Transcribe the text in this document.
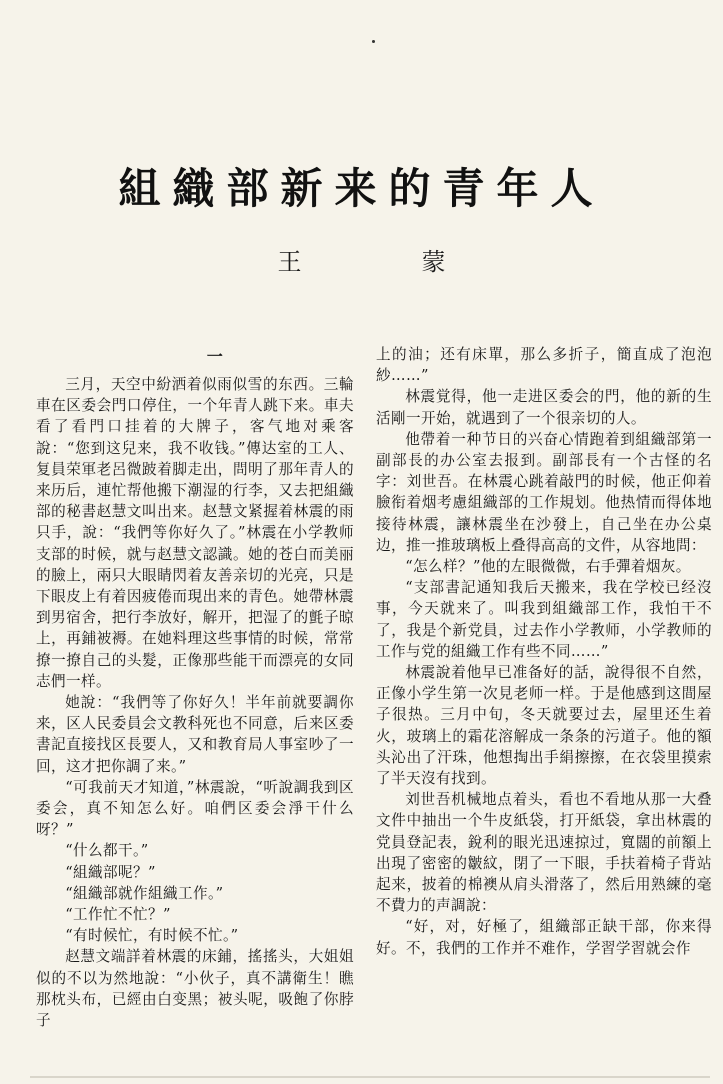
組織部新来的青年人

王　蒙

一

三月，天空中紛洒着似雨似雪的东西。三輪車在区委会門口停住，一个年青人跳下来。車夫看了看門口挂着的大牌子，客气地对乘客說：“您到这兒来，我不收钱。”傳达室的工人、复員荣軍老呂微跛着脚走出，問明了那年青人的来历后，連忙帮他搬下潮湿的行李，又去把組織部的秘書赵慧文叫出来。赵慧文紧握着林震的雨只手，說：“我們等你好久了。”林震在小学教师支部的时候，就与赵慧文認識。她的苍白而美丽的臉上，兩只大眼睛閃着友善亲切的光亮，只是下眼皮上有着因疲倦而現出来的青色。她帶林震到男宿舍，把行李放好，解开，把湿了的氈子晾上，再鋪被褥。在她料理这些事情的时候，常常撩一撩自己的头髮，正像那些能干而漂亮的女同志們一样。

她說：“我們等了你好久！半年前就要調你来，区人民委員会文教科死也不同意，后来区委書記直接找区長要人，又和教育局人事室吵了一回，这才把你調了来。”

“可我前天才知道，”林震說，“听說調我到区委会，真不知怎么好。咱們区委会淨干什么呀？”

“什么都干。”

“組織部呢？”

“組織部就作組織工作。”

“工作忙不忙？”

“有时候忙，有时候不忙。”

赵慧文端詳着林震的床鋪，搖搖头，大姐姐似的不以为然地說：“小伙子，真不講衛生！瞧那枕头布，已經由白变黑；被头呢，吸飽了你脖子

上的油；还有床單，那么多折子，簡直成了泡泡紗……”

林震覚得，他一走进区委会的門，他的新的生活剛一开始，就遇到了一个很亲切的人。

他帶着一种节日的兴奋心情跑着到組織部第一副部長的办公室去报到。副部長有一个古怪的名字：刘世吾。在林震心跳着敲門的时候，他正仰着臉衔着烟考慮組織部的工作規划。他热情而得体地接待林震，讓林震坐在沙發上，自己坐在办公桌边，推一推玻璃板上叠得高高的文件，从容地問：

“怎么样？”他的左眼微微，右手彈着烟灰。

“支部書記通知我后天搬来，我在学校已经沒事，今天就来了。叫我到組織部工作，我怕干不了，我是个新党員，过去作小学教师，小学教师的工作与党的組織工作有些不同……”

林震說着他早已准备好的話，說得很不自然，正像小学生第一次見老师一样。于是他感到这間屋子很热。三月中旬，冬天就要过去，屋里还生着火，玻璃上的霜花溶解成一条条的污道子。他的額头沁出了汗珠，他想掏出手絹擦擦，在衣袋里摸索了半天沒有找到。

刘世吾机械地点着头，看也不看地从那一大叠文件中抽出一个牛皮紙袋，打开紙袋，拿出林震的党員登記表，銳利的眼光迅速掠过，寬闊的前額上出現了密密的皺紋，閉了一下眼，手扶着椅子背站起来，披着的棉襖从肩头滑落了，然后用熟練的毫不費力的声調說：

“好，对，好極了，組織部正缺干部，你来得好。不，我們的工作并不难作，学習学習就会作
